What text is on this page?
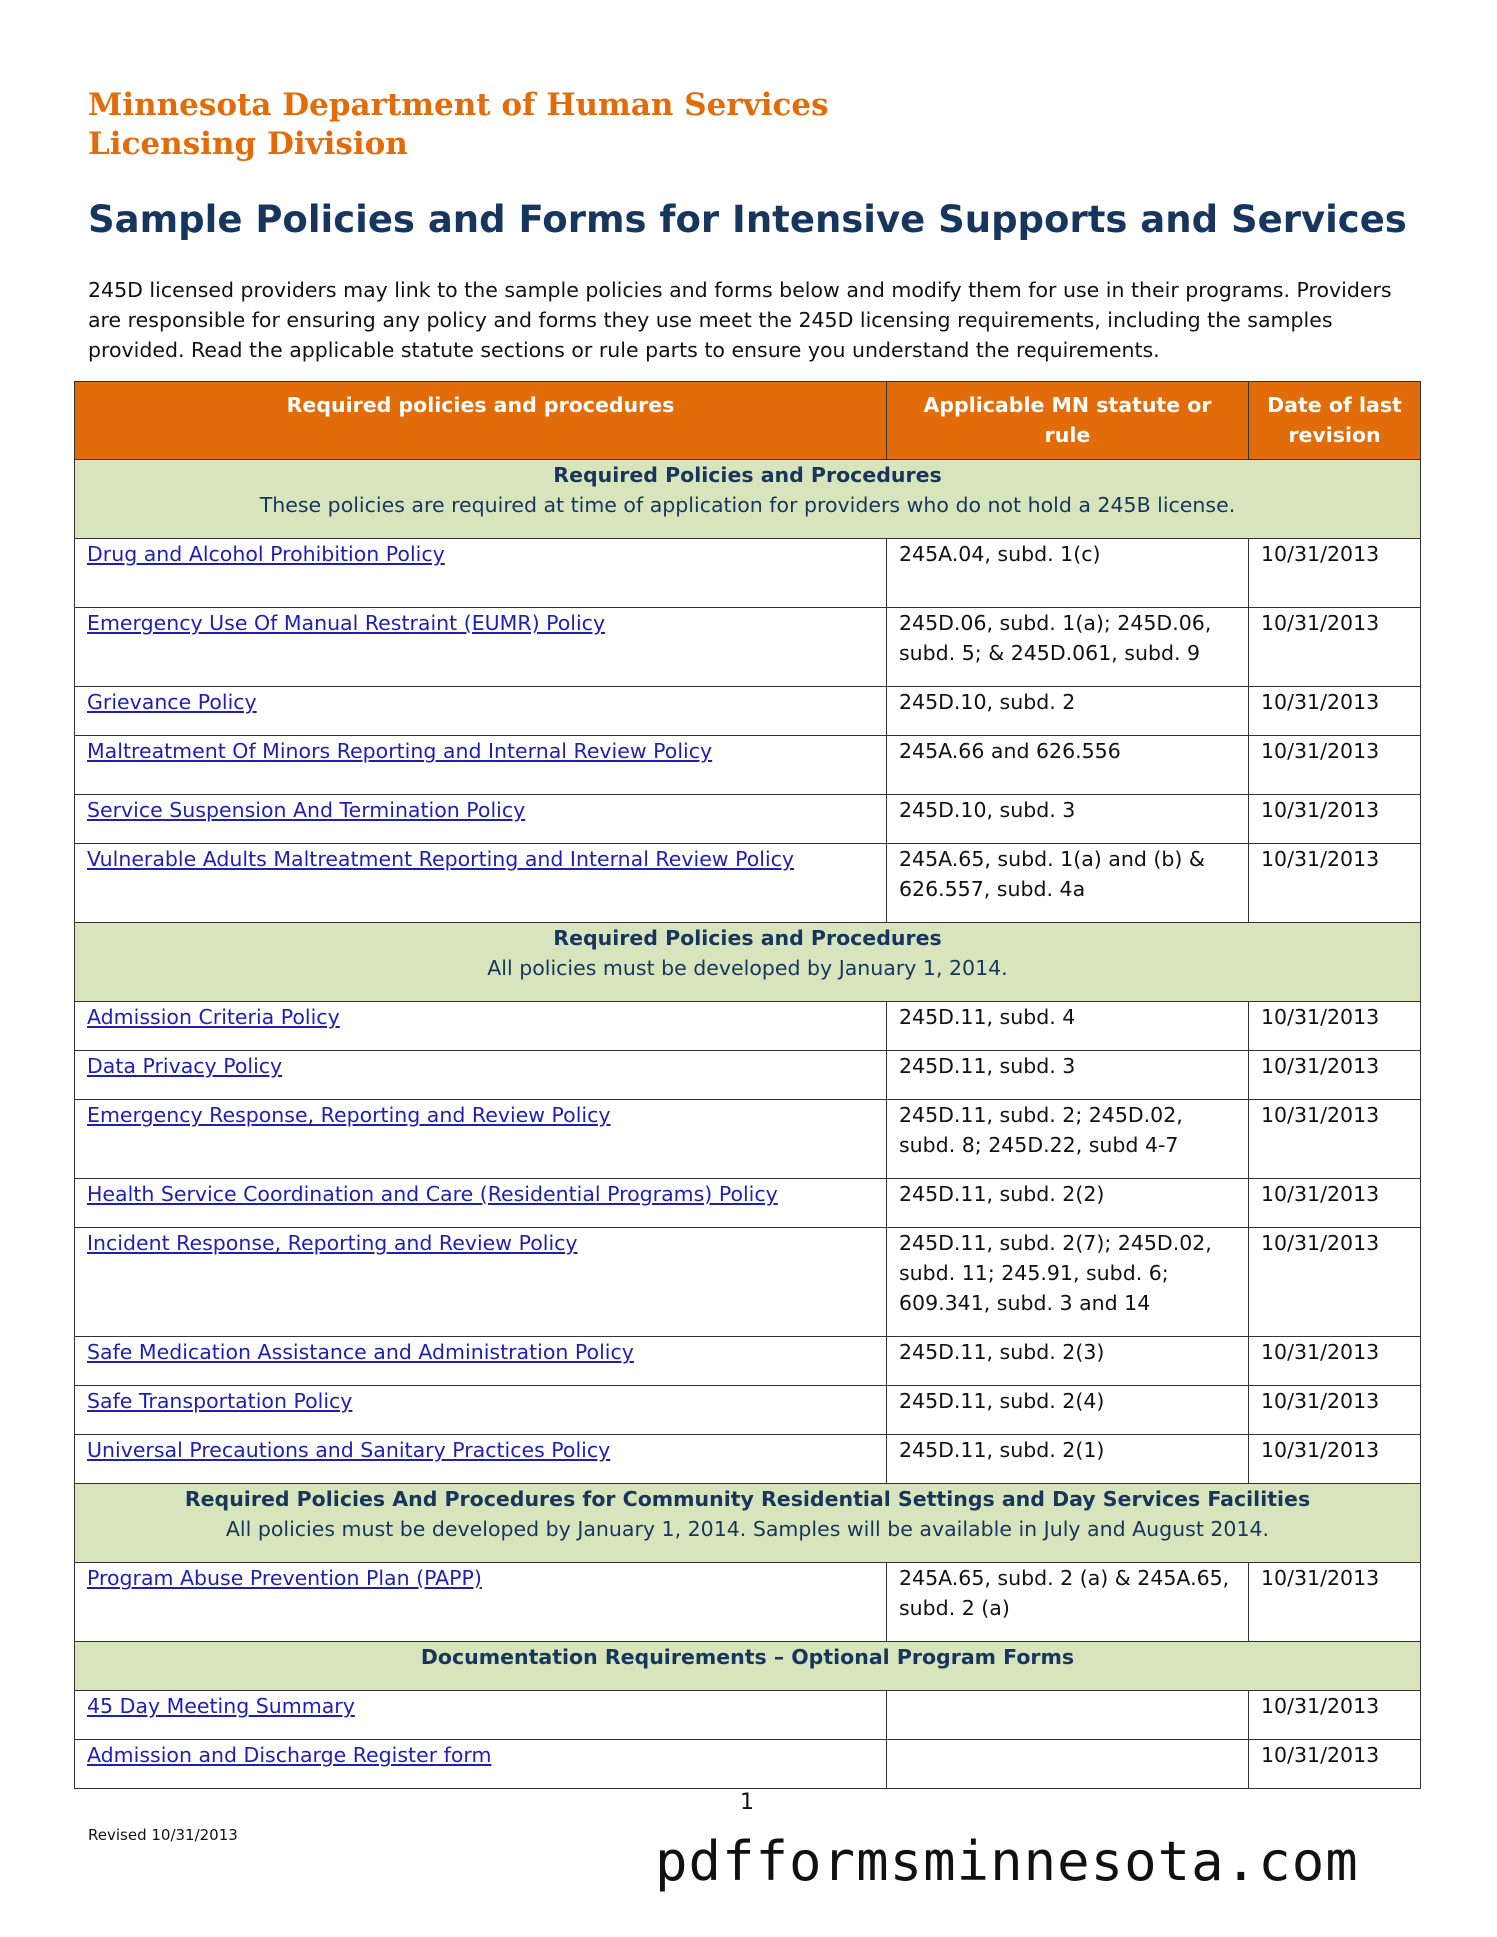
Minnesota Department of Human Services
Licensing Division
Sample Policies and Forms for Intensive Supports and Services
245D licensed providers may link to the sample policies and forms below and modify them for use in their programs. Providers are responsible for ensuring any policy and forms they use meet the 245D licensing requirements, including the samples provided. Read the applicable statute sections or rule parts to ensure you understand the requirements.
Required policies and procedures	Applicable MN statute or rule	Date of last revision

Required Policies and Procedures
These policies are required at time of application for providers who do not hold a 245B license.		

Drug and Alcohol Prohibition Policy	245A.04, subd. 1(c)	10/31/2013
Emergency Use Of Manual Restraint (EUMR) Policy	245D.06, subd. 1(a); 245D.06, subd. 5; & 245D.061, subd. 9	10/31/2013
Grievance Policy	245D.10, subd. 2	10/31/2013
Maltreatment Of Minors Reporting and Internal Review Policy	245A.66 and 626.556	10/31/2013
Service Suspension And Termination Policy	245D.10, subd. 3	10/31/2013
Vulnerable Adults Maltreatment Reporting and Internal Review Policy	245A.65, subd. 1(a) and (b) & 626.557, subd. 4a	10/31/2013

Required Policies and Procedures
All policies must be developed by January 1, 2014.		

Admission Criteria Policy	245D.11, subd. 4	10/31/2013
Data Privacy Policy	245D.11, subd. 3	10/31/2013
Emergency Response, Reporting and Review Policy	245D.11, subd. 2; 245D.02, subd. 8; 245D.22, subd 4-7	10/31/2013
Health Service Coordination and Care (Residential Programs) Policy	245D.11, subd. 2(2)	10/31/2013
Incident Response, Reporting and Review Policy	245D.11, subd. 2(7); 245D.02, subd. 11; 245.91, subd. 6; 609.341, subd. 3 and 14	10/31/2013
Safe Medication Assistance and Administration Policy	245D.11, subd. 2(3)	10/31/2013
Safe Transportation Policy	245D.11, subd. 2(4)	10/31/2013
Universal Precautions and Sanitary Practices Policy	245D.11, subd. 2(1)	10/31/2013

Required Policies And Procedures for Community Residential Settings and Day Services Facilities
All policies must be developed by January 1, 2014. Samples will be available in July and August 2014.		

Program Abuse Prevention Plan (PAPP)	245A.65, subd. 2 (a) & 245A.65, subd. 2 (a)	10/31/2013

Documentation Requirements – Optional Program Forms		

45 Day Meeting Summary		10/31/2013
Admission and Discharge Register form		10/31/2013
1
Revised 10/31/2013	pdfformsminnesota.com
